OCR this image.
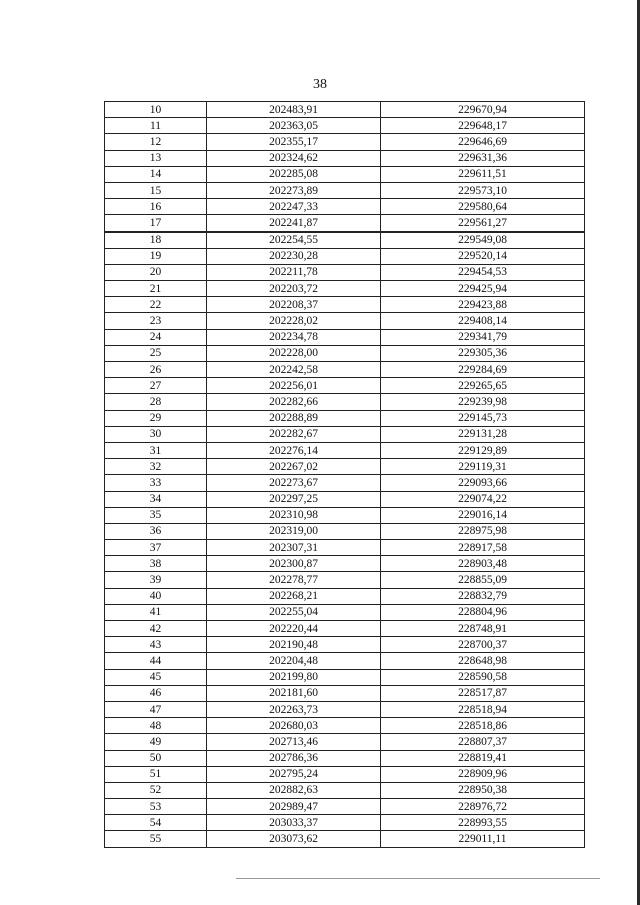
38
10	202483,91	229670,94
11	202363,05	229648,17
12	202355,17	229646,69
13	202324,62	229631,36
14	202285,08	229611,51
15	202273,89	229573,10
16	202247,33	229580,64
17	202241,87	229561,27
18	202254,55	229549,08
19	202230,28	229520,14
20	202211,78	229454,53
21	202203,72	229425,94
22	202208,37	229423,88
23	202228,02	229408,14
24	202234,78	229341,79
25	202228,00	229305,36
26	202242,58	229284,69
27	202256,01	229265,65
28	202282,66	229239,98
29	202288,89	229145,73
30	202282,67	229131,28
31	202276,14	229129,89
32	202267,02	229119,31
33	202273,67	229093,66
34	202297,25	229074,22
35	202310,98	229016,14
36	202319,00	228975,98
37	202307,31	228917,58
38	202300,87	228903,48
39	202278,77	228855,09
40	202268,21	228832,79
41	202255,04	228804,96
42	202220,44	228748,91
43	202190,48	228700,37
44	202204,48	228648,98
45	202199,80	228590,58
46	202181,60	228517,87
47	202263,73	228518,94
48	202680,03	228518,86
49	202713,46	228807,37
50	202786,36	228819,41
51	202795,24	228909,96
52	202882,63	228950,38
53	202989,47	228976,72
54	203033,37	228993,55
55	203073,62	229011,11
